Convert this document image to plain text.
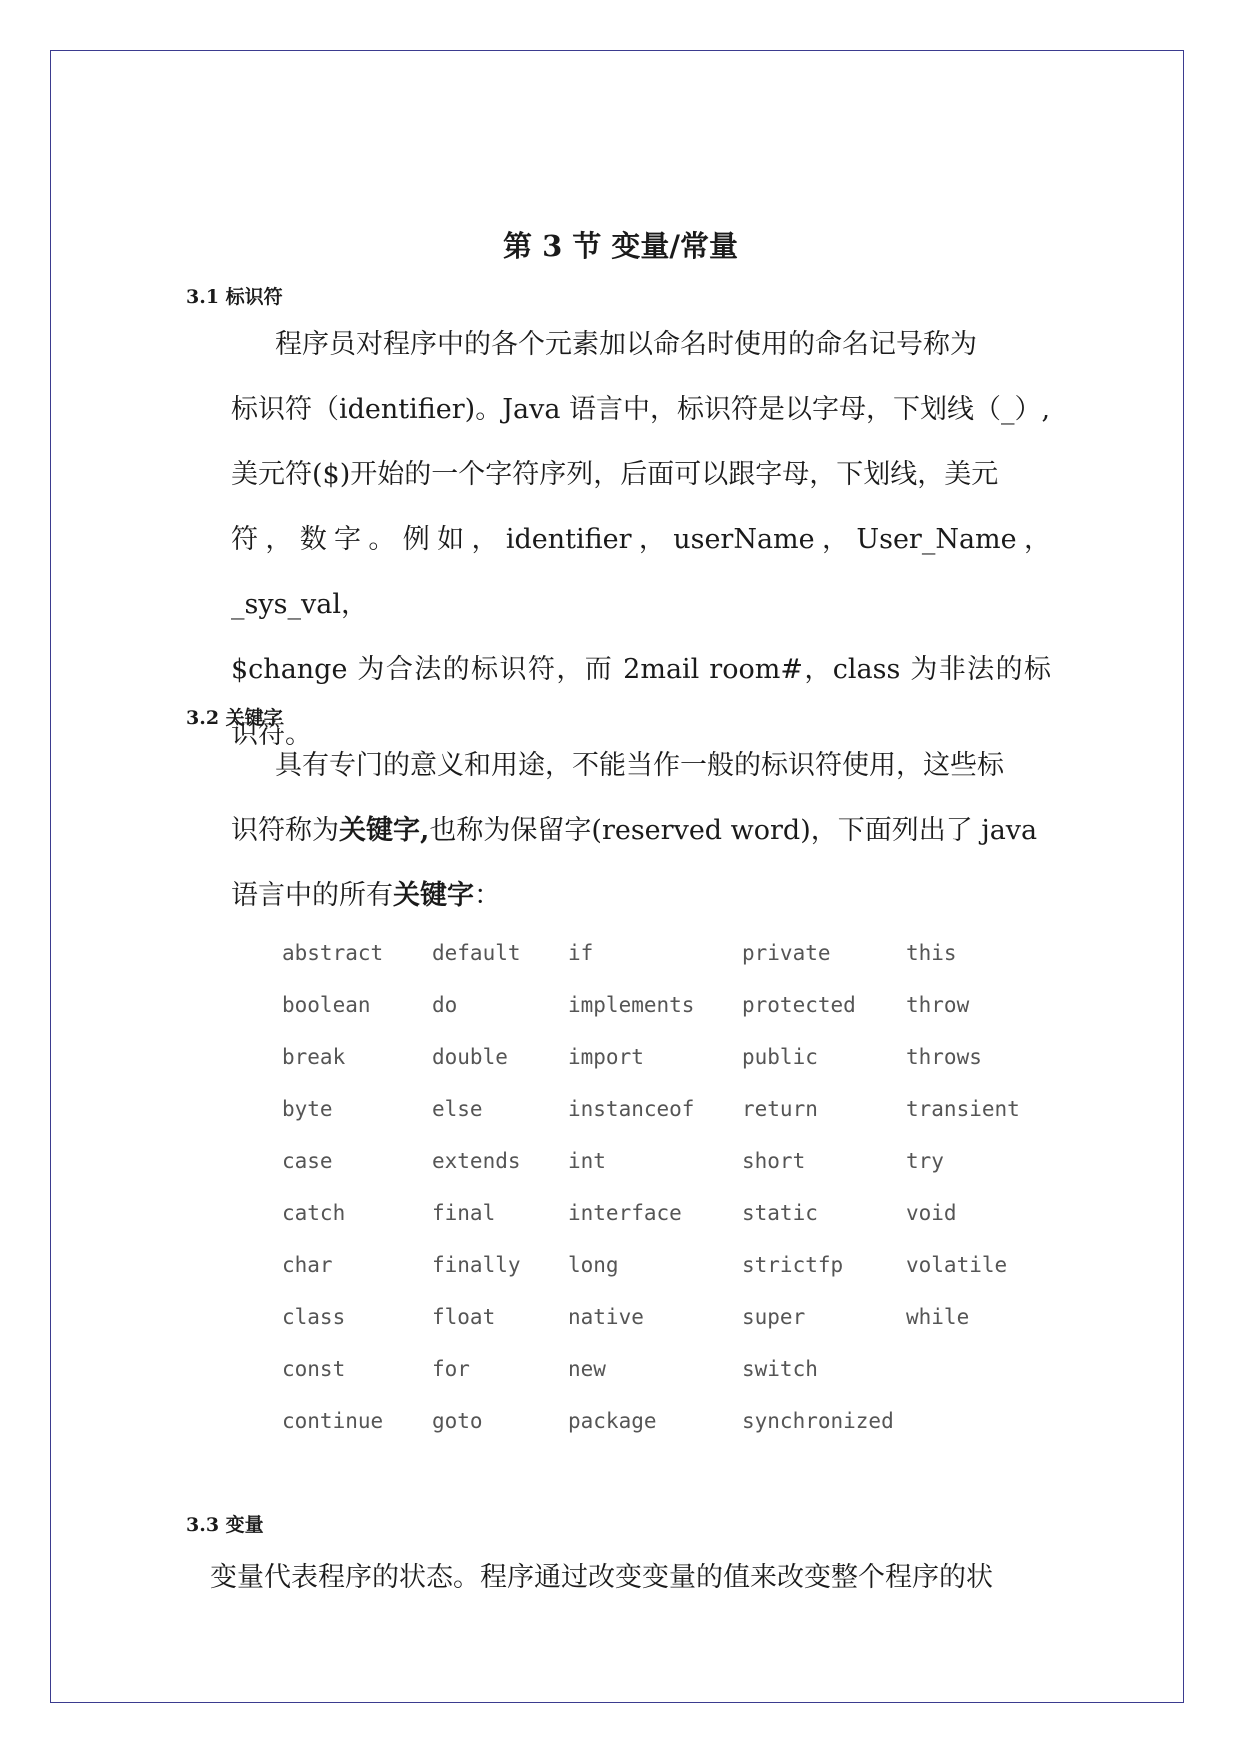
第 3 节 变量/常量
3.1 标识符

程序员对程序中的各个元素加以命名时使用的命名记号称为

标识符（identifier)。Java 语言中，标识符是以字母，下划线（_）,

美元符($)开始的一个字符序列，后面可以跟字母，下划线，美元

符，数字。例如，identifier，userName，User_Name，_sys_val，

$change 为合法的标识符，而 2mail room#，class 为非法的标识符。

3.2 关键字

具有专门的意义和用途，不能当作一般的标识符使用，这些标

识符称为关键字,也称为保留字(reserved word)，下面列出了 java

语言中的所有关键字：

abstract default if	private	this
boolean	do	implements protected throw
break	double	import	public	throws
byte	else	instanceof return	transient
case	extends int	short	try
catch	final	interface	static	void
char	finally long	strictfp	volatile
class	float	native	super	while
const	for	new	switch
continue goto	package	synchronized
3.3 变量
变量代表程序的状态。程序通过改变变量的值来改变整个程序的状
